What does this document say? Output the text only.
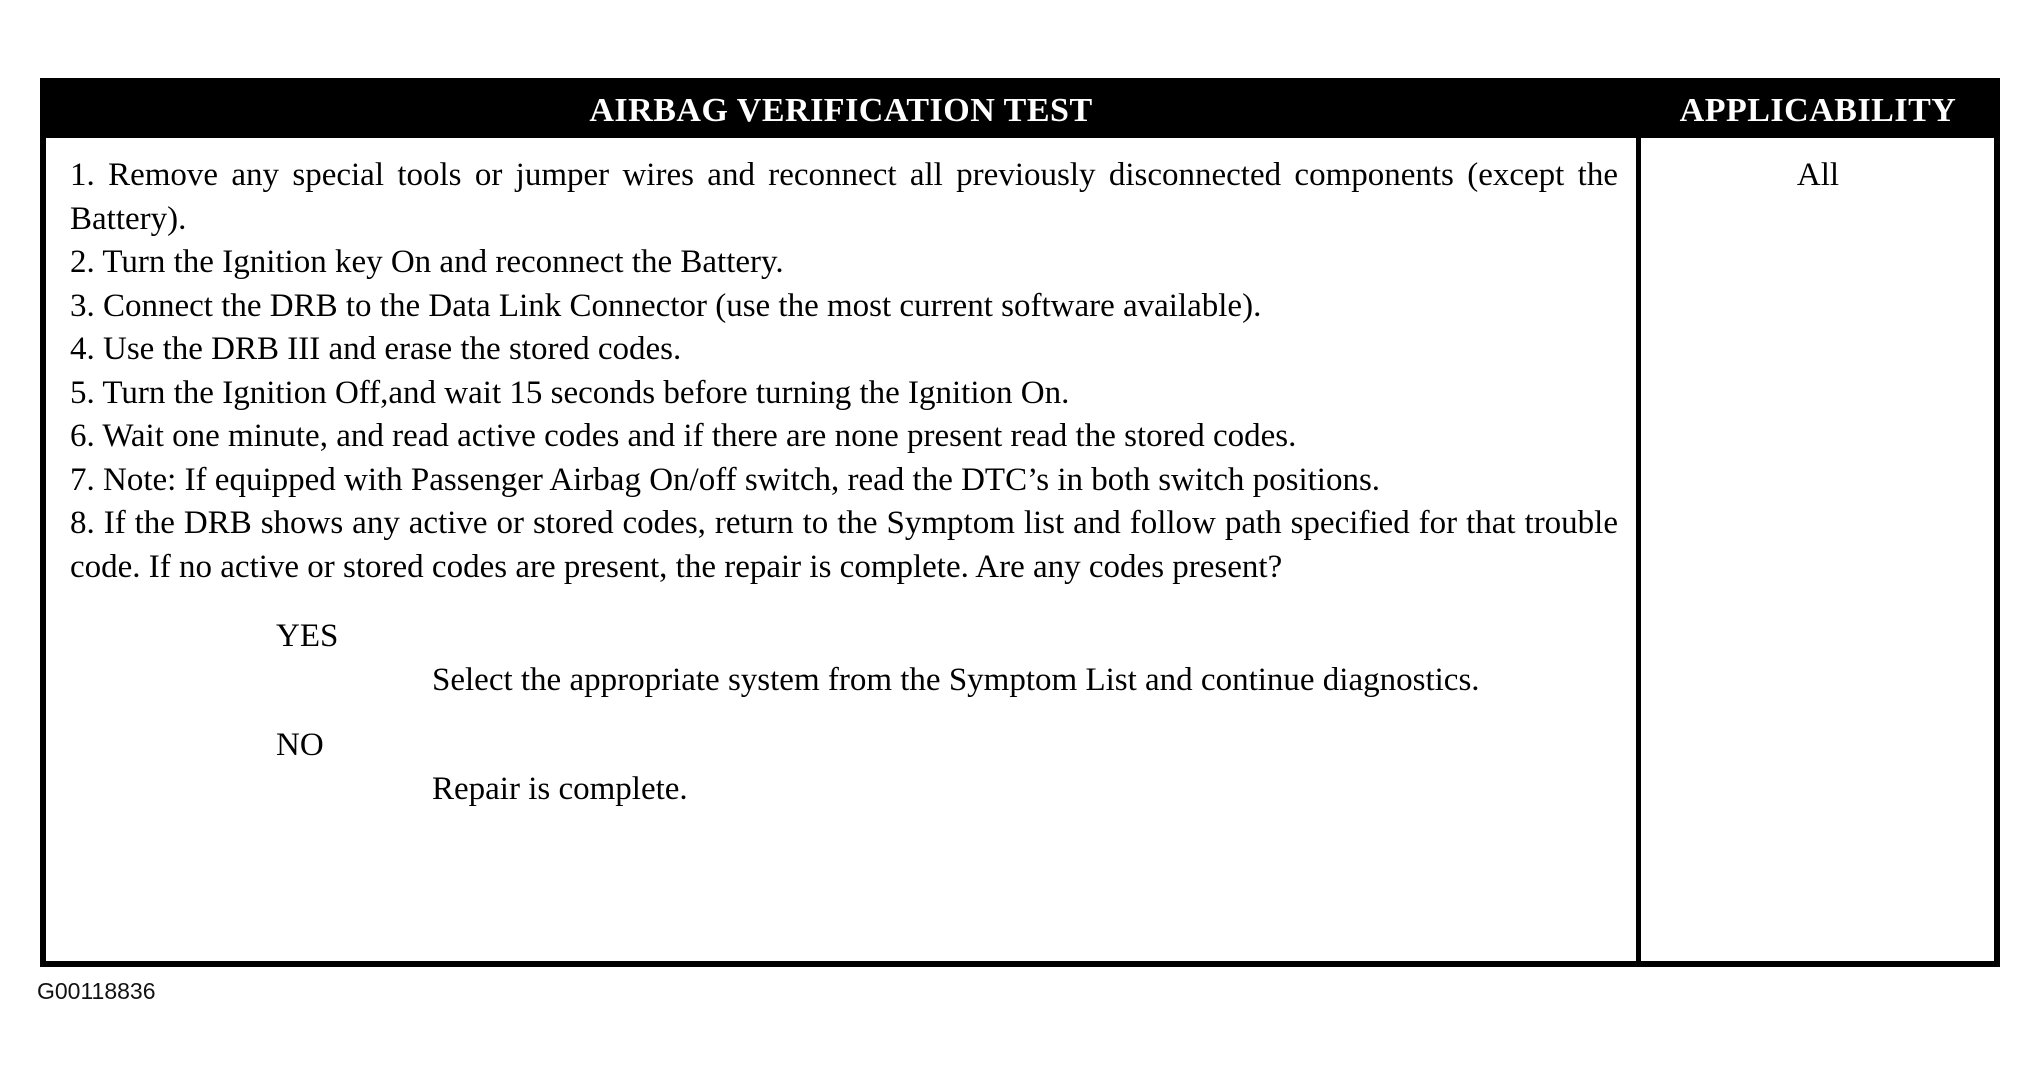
AIRBAG VERIFICATION TEST	APPLICABILITY
1. Remove any special tools or jumper wires and reconnect all previously disconnected components (except the Battery).
2. Turn the Ignition key On and reconnect the Battery.
3. Connect the DRB to the Data Link Connector (use the most current software available).
4. Use the DRB III and erase the stored codes.
5. Turn the Ignition Off,and wait 15 seconds before turning the Ignition On.
6. Wait one minute, and read active codes and if there are none present read the stored codes.
7. Note: If equipped with Passenger Airbag On/off switch, read the DTC’s in both switch positions.
8. If the DRB shows any active or stored codes, return to the Symptom list and follow path specified for that trouble code. If no active or stored codes are present, the repair is complete. Are any codes present?
YES
Select the appropriate system from the Symptom List and continue diagnostics.
NO
Repair is complete.
All
G00118836
